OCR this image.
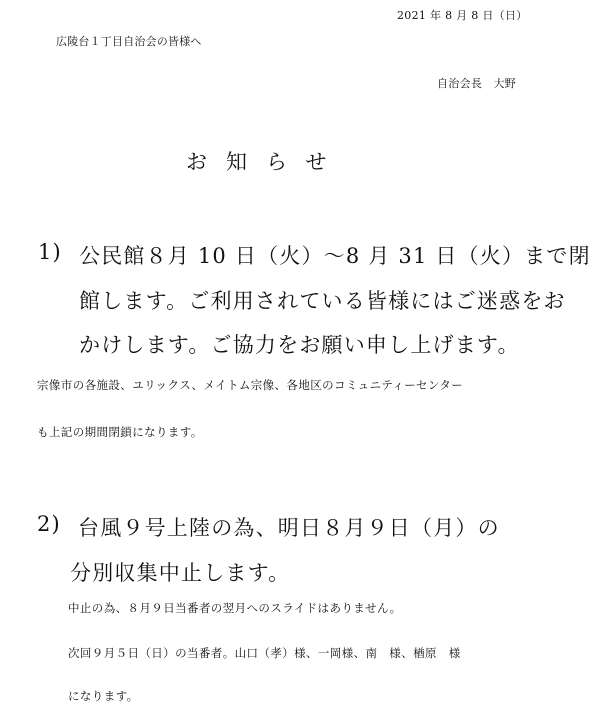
2021 年 8 月 8 日（日）
広陵台１丁目自治会の皆様へ
自治会長　大野
お知らせ
1) 公民館８月 10 日（火）～8 月 31 日（火）まで閉
館します。ご利用されている皆様にはご迷惑をお
かけします。ご協力をお願い申し上げます。
宗像市の各施設、ユリックス、メイトム宗像、各地区のコミュニティーセンター
も上記の期間閉鎖になります。
2) 台風９号上陸の為、明日８月９日（月）の
分別収集中止します。
中止の為、８月９日当番者の翌月へのスライドはありません。
次回９月５日（日）の当番者。山口（孝）様、一岡様、南　様、楢原　様
になります。
